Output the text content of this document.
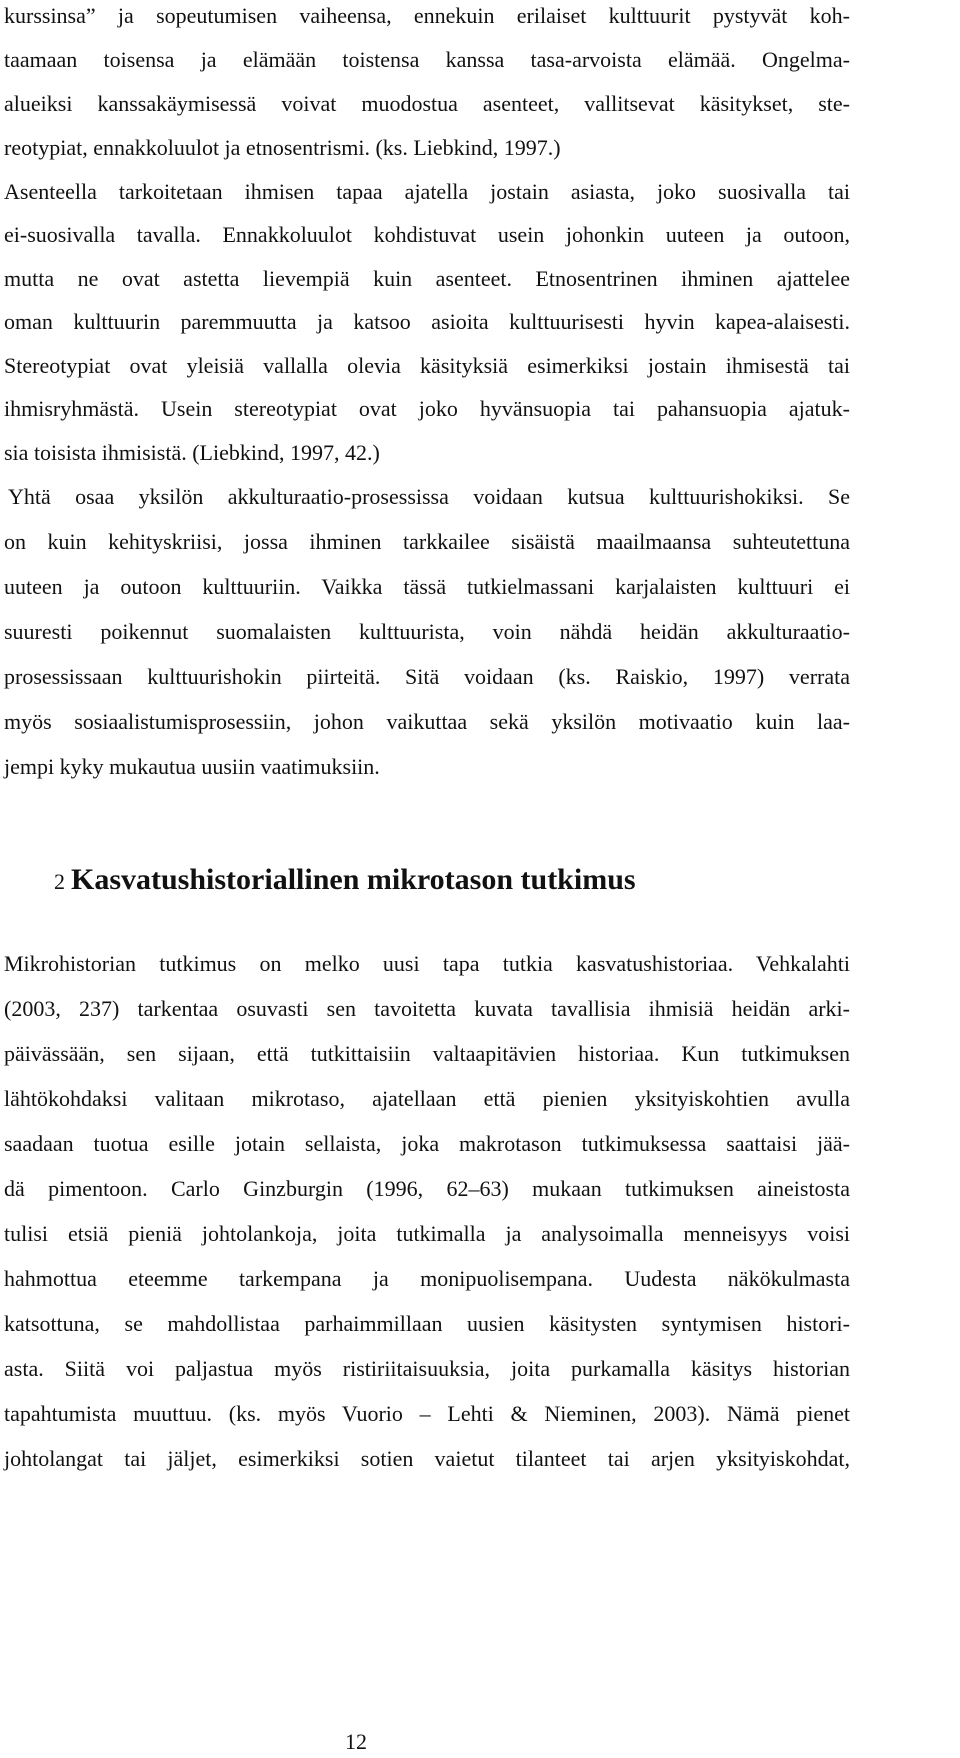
kurssinsa” ja sopeutumisen vaiheensa, ennekuin erilaiset kulttuurit pystyvät koh-
taamaan toisensa ja elämään toistensa kanssa tasa-arvoista elämää. Ongelma-
alueiksi kanssakäymisessä voivat muodostua asenteet, vallitsevat käsitykset, ste-
reotypiat, ennakkoluulot ja etnosentrismi. (ks. Liebkind, 1997.)
Asenteella tarkoitetaan ihmisen tapaa ajatella jostain asiasta, joko suosivalla tai
ei-suosivalla tavalla. Ennakkoluulot kohdistuvat usein johonkin uuteen ja outoon,
mutta ne ovat astetta lievempiä kuin asenteet. Etnosentrinen ihminen ajattelee
oman kulttuurin paremmuutta ja katsoo asioita kulttuurisesti hyvin kapea-alaisesti.
Stereotypiat ovat yleisiä vallalla olevia käsityksiä esimerkiksi jostain ihmisestä tai
ihmisryhmästä. Usein stereotypiat ovat joko hyvänsuopia tai pahansuopia ajatuk-
sia toisista ihmisistä. (Liebkind, 1997, 42.)
Yhtä osaa yksilön akkulturaatio-prosessissa voidaan kutsua kulttuurishokiksi. Se
on kuin kehityskriisi, jossa ihminen tarkkailee sisäistä maailmaansa suhteutettuna
uuteen ja outoon kulttuuriin. Vaikka tässä tutkielmassani karjalaisten kulttuuri ei
suuresti poikennut suomalaisten kulttuurista, voin nähdä heidän akkulturaatio-
prosessissaan kulttuurishokin piirteitä. Sitä voidaan (ks. Raiskio, 1997) verrata
myös sosiaalistumisprosessiin, johon vaikuttaa sekä yksilön motivaatio kuin laa-
jempi kyky mukautua uusiin vaatimuksiin.
2 Kasvatushistoriallinen mikrotason tutkimus
Mikrohistorian tutkimus on melko uusi tapa tutkia kasvatushistoriaa. Vehkalahti
(2003, 237) tarkentaa osuvasti sen tavoitetta kuvata tavallisia ihmisiä heidän arki-
päivässään, sen sijaan, että tutkittaisiin valtaapitävien historiaa. Kun tutkimuksen
lähtökohdaksi valitaan mikrotaso, ajatellaan että pienien yksityiskohtien avulla
saadaan tuotua esille jotain sellaista, joka makrotason tutkimuksessa saattaisi jää-
dä pimentoon. Carlo Ginzburgin (1996, 62–63) mukaan tutkimuksen aineistosta
tulisi etsiä pieniä johtolankoja, joita tutkimalla ja analysoimalla menneisyys voisi
hahmottua eteemme tarkempana ja monipuolisempana. Uudesta näkökulmasta
katsottuna, se mahdollistaa parhaimmillaan uusien käsitysten syntymisen histori-
asta. Siitä voi paljastua myös ristiriitaisuuksia, joita purkamalla käsitys historian
tapahtumista muuttuu. (ks. myös Vuorio – Lehti & Nieminen, 2003). Nämä pienet
johtolangat tai jäljet, esimerkiksi sotien vaietut tilanteet tai arjen yksityiskohdat,
12
